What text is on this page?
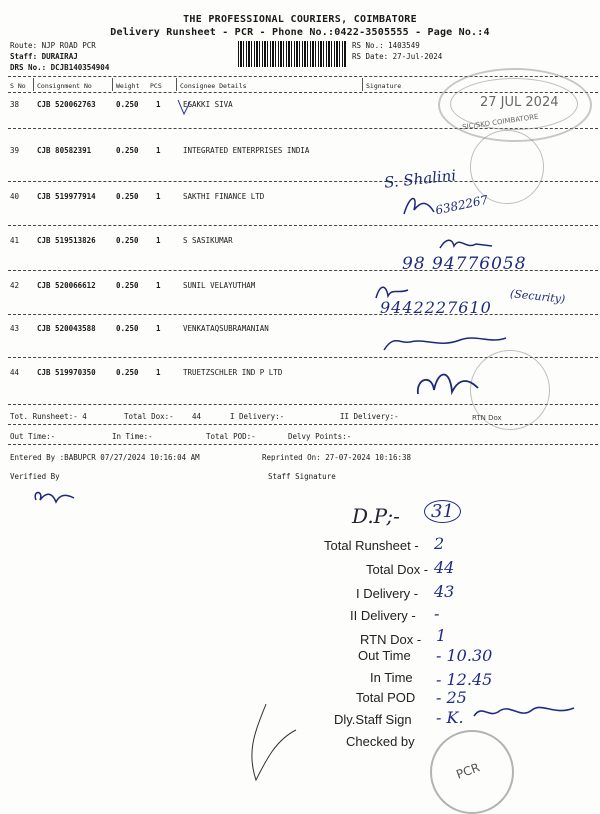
THE PROFESSIONAL COURIERS, COIMBATORE
Delivery Runsheet - PCR - Phone No.:0422-3505555 - Page No.:4
Route: NJP ROAD PCR
Staff: DURAIRAJ
DRS No.: DCJB140354904
RS No.: 1403549
RS Date: 27-Jul-2024
S No Consignment No	Weight PCS	Consignee Details	Signature
38 CJB 520062763	0.250 1	EGAKKI SIVA
39 CJB 80582391	0.250 1	INTEGRATED ENTERPRISES INDIA
40 CJB 519977914	0.250 1	SAKTHI FINANCE LTD
41 CJB 519513826	0.250 1	S SASIKUMAR
42 CJB 520066612	0.250 1	SUNIL VELAYUTHAM
43 CJB 520043588	0.250 1	VENKATAQSUBRAMANIAN
44 CJB 519970350	0.250 1	TRUETZSCHLER IND P LTD
Tot. Runsheet:- 4	Total Dox:- 44	I Delivery:-	II Delivery:-
Out Time:-	In Time:-	Total POD:-	Delvy Points:-
Entered By :BABUPCR 07/27/2024 10:16:04 AM	Reprinted On: 27-07-2024 10:16:38
Verified By	Staff Signature
27 JUL 2024
SIC/SKO COIMBATORE
RTN Dox
S. Shalini
6382267
98 94776058
9442227610
(Security)
D.P;-	31
Total Runsheet - 2
Total Dox - 44
I Delivery - 43
II Delivery - -
RTN Dox - 1
Out Time - 10.30
In Time - 12.45
Total POD - 25
Dly.Staff Sign - K.
Checked by
PCR
